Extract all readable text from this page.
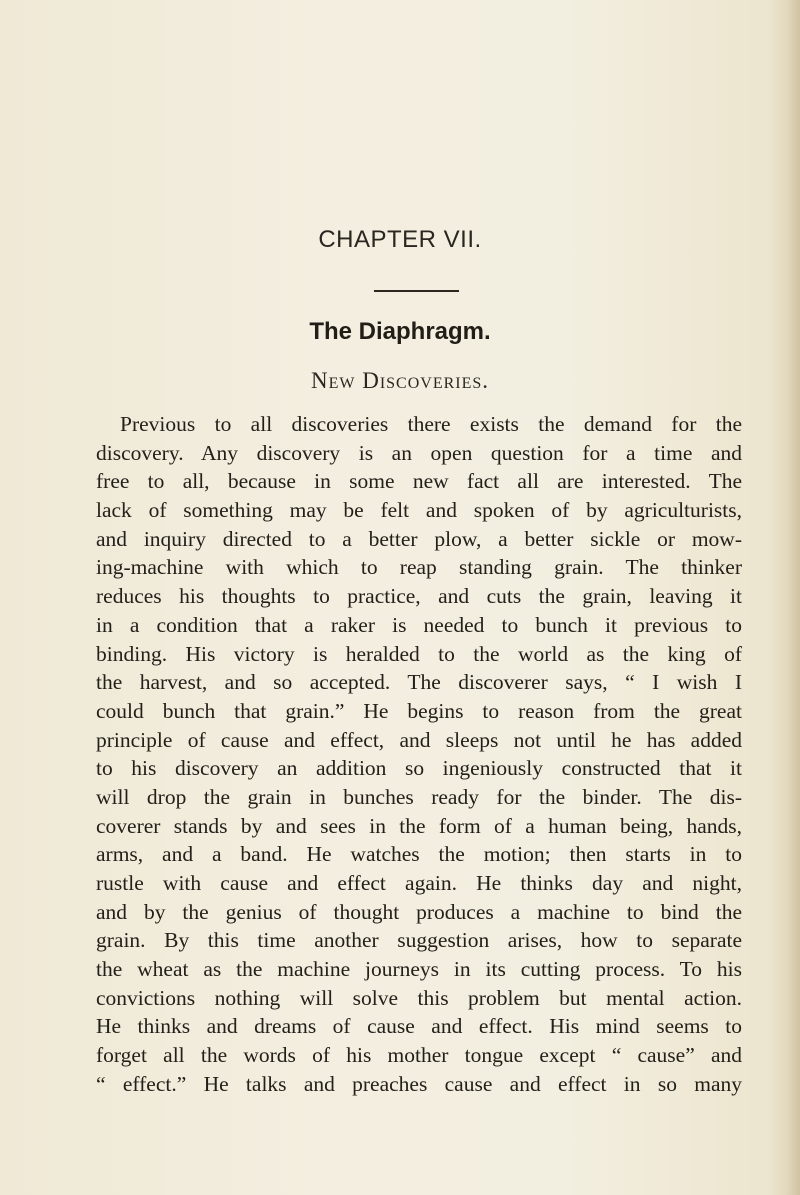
CHAPTER VII.
The Diaphragm.
New Discoveries.
Previous to all discoveries there exists the demand for the
discovery. Any discovery is an open question for a time and
free to all, because in some new fact all are interested. The
lack of something may be felt and spoken of by agriculturists,
and inquiry directed to a better plow, a better sickle or mow-
ing-machine with which to reap standing grain. The thinker
reduces his thoughts to practice, and cuts the grain, leaving it
in a condition that a raker is needed to bunch it previous to
binding. His victory is heralded to the world as the king of
the harvest, and so accepted. The discoverer says, “ I wish I
could bunch that grain.” He begins to reason from the great
principle of cause and effect, and sleeps not until he has added
to his discovery an addition so ingeniously constructed that it
will drop the grain in bunches ready for the binder. The dis-
coverer stands by and sees in the form of a human being, hands,
arms, and a band. He watches the motion; then starts in to
rustle with cause and effect again. He thinks day and night,
and by the genius of thought produces a machine to bind the
grain. By this time another suggestion arises, how to separate
the wheat as the machine journeys in its cutting process. To his
convictions nothing will solve this problem but mental action.
He thinks and dreams of cause and effect. His mind seems to
forget all the words of his mother tongue except “ cause” and
“ effect.” He talks and preaches cause and effect in so many
